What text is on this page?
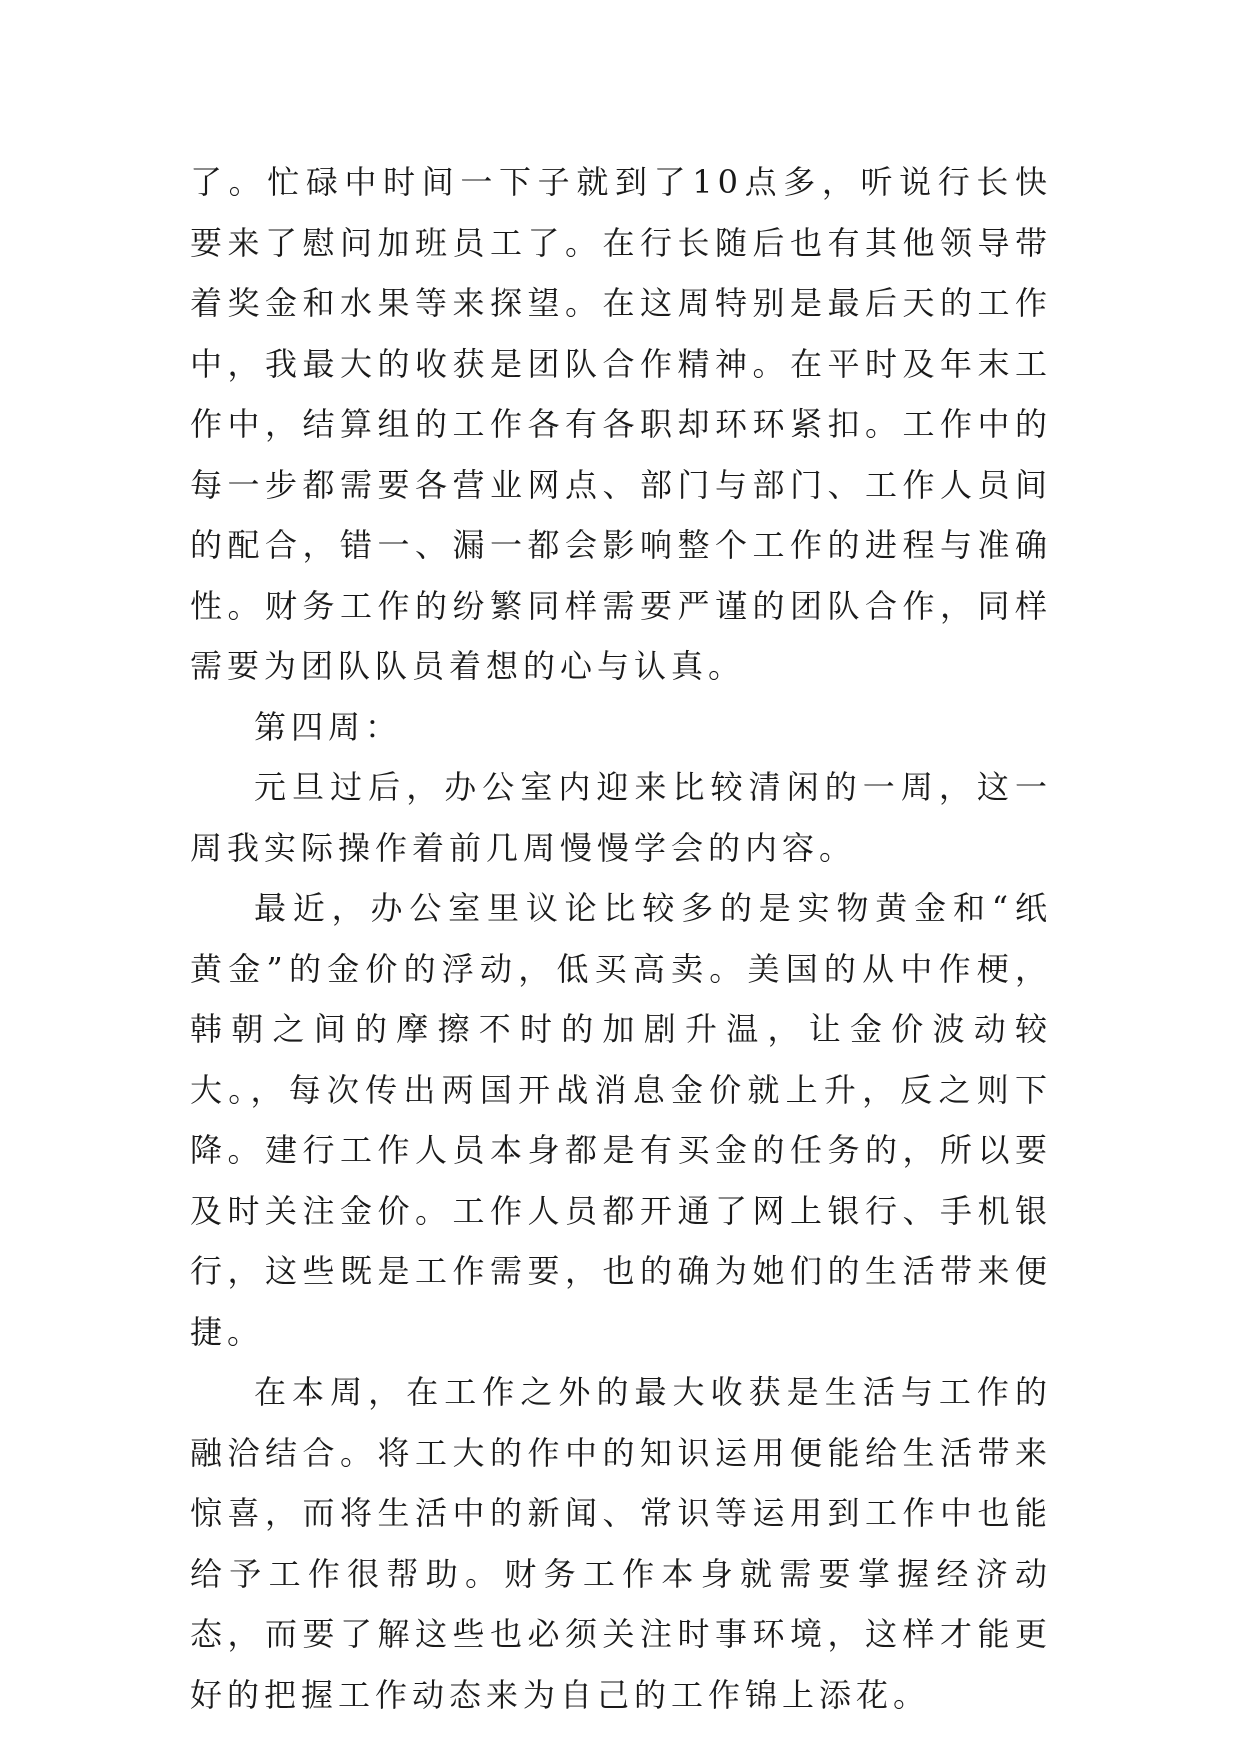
了。忙碌中时间一下子就到了10点多，听说行长快要来了慰问加班员工了。在行长随后也有其他领导带着奖金和水果等来探望。在这周特别是最后天的工作中，我最大的收获是团队合作精神。在平时及年末工作中，结算组的工作各有各职却环环紧扣。工作中的每一步都需要各营业网点、部门与部门、工作人员间的配合，错一、漏一都会影响整个工作的进程与准确性。财务工作的纷繁同样需要严谨的团队合作，同样需要为团队队员着想的心与认真。

第四周：

元旦过后，办公室内迎来比较清闲的一周，这一周我实际操作着前几周慢慢学会的内容。

最近，办公室里议论比较多的是实物黄金和“纸黄金”的金价的浮动，低买高卖。美国的从中作梗，韩朝之间的摩擦不时的加剧升温，让金价波动较大。，每次传出两国开战消息金价就上升，反之则下降。建行工作人员本身都是有买金的任务的，所以要及时关注金价。工作人员都开通了网上银行、手机银行，这些既是工作需要，也的确为她们的生活带来便捷。

在本周，在工作之外的最大收获是生活与工作的融洽结合。将工大的作中的知识运用便能给生活带来惊喜，而将生活中的新闻、常识等运用到工作中也能给予工作很帮助。财务工作本身就需要掌握经济动态，而要了解这些也必须关注时事环境，这样才能更好的把握工作动态来为自己的工作锦上添花。
